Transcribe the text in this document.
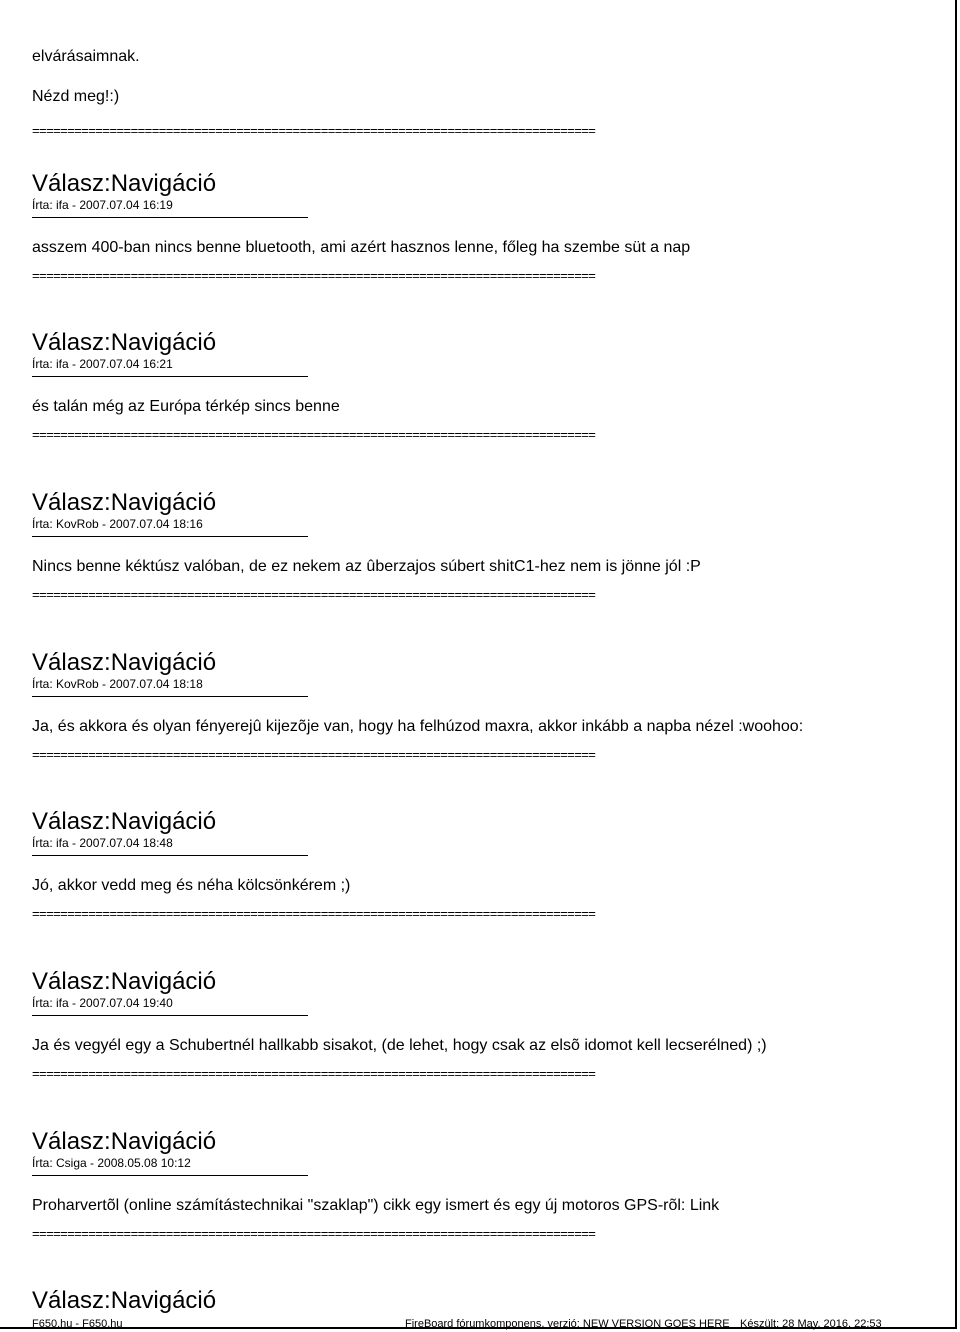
elvárásaimnak.

Nézd meg!:)

================================================================================

Válasz:Navigáció

Írta: ifa - 2007.07.04 16:19

asszem 400-ban nincs benne bluetooth, ami azért hasznos lenne, főleg ha szembe süt a nap

================================================================================

Válasz:Navigáció

Írta: ifa - 2007.07.04 16:21

és talán még az Európa térkép sincs benne

================================================================================

Válasz:Navigáció

Írta: KovRob - 2007.07.04 18:16

Nincs benne kéktúsz valóban, de ez nekem az ûberzajos súbert shitC1-hez nem is jönne jól :P

================================================================================

Válasz:Navigáció

Írta: KovRob - 2007.07.04 18:18

Ja, és akkora és olyan fényerejû kijezõje van, hogy ha felhúzod maxra, akkor inkább a napba nézel :woohoo:

================================================================================

Válasz:Navigáció

Írta: ifa - 2007.07.04 18:48

Jó, akkor vedd meg és néha kölcsönkérem ;)

================================================================================

Válasz:Navigáció

Írta: ifa - 2007.07.04 19:40

Ja és vegyél egy a Schubertnél hallkabb sisakot, (de lehet, hogy csak az elsõ idomot kell lecserélned) ;)

================================================================================

Válasz:Navigáció

Írta: Csiga - 2008.05.08 10:12

Proharvertõl (online számítástechnikai "szaklap") cikk egy ismert és egy új motoros GPS-rõl: Link

================================================================================

Válasz:Navigáció

F650.hu - F650.hu	FireBoard fórumkomponens, verzió: NEW VERSION GOES HERE Készült: 28 May, 2016, 22:53
